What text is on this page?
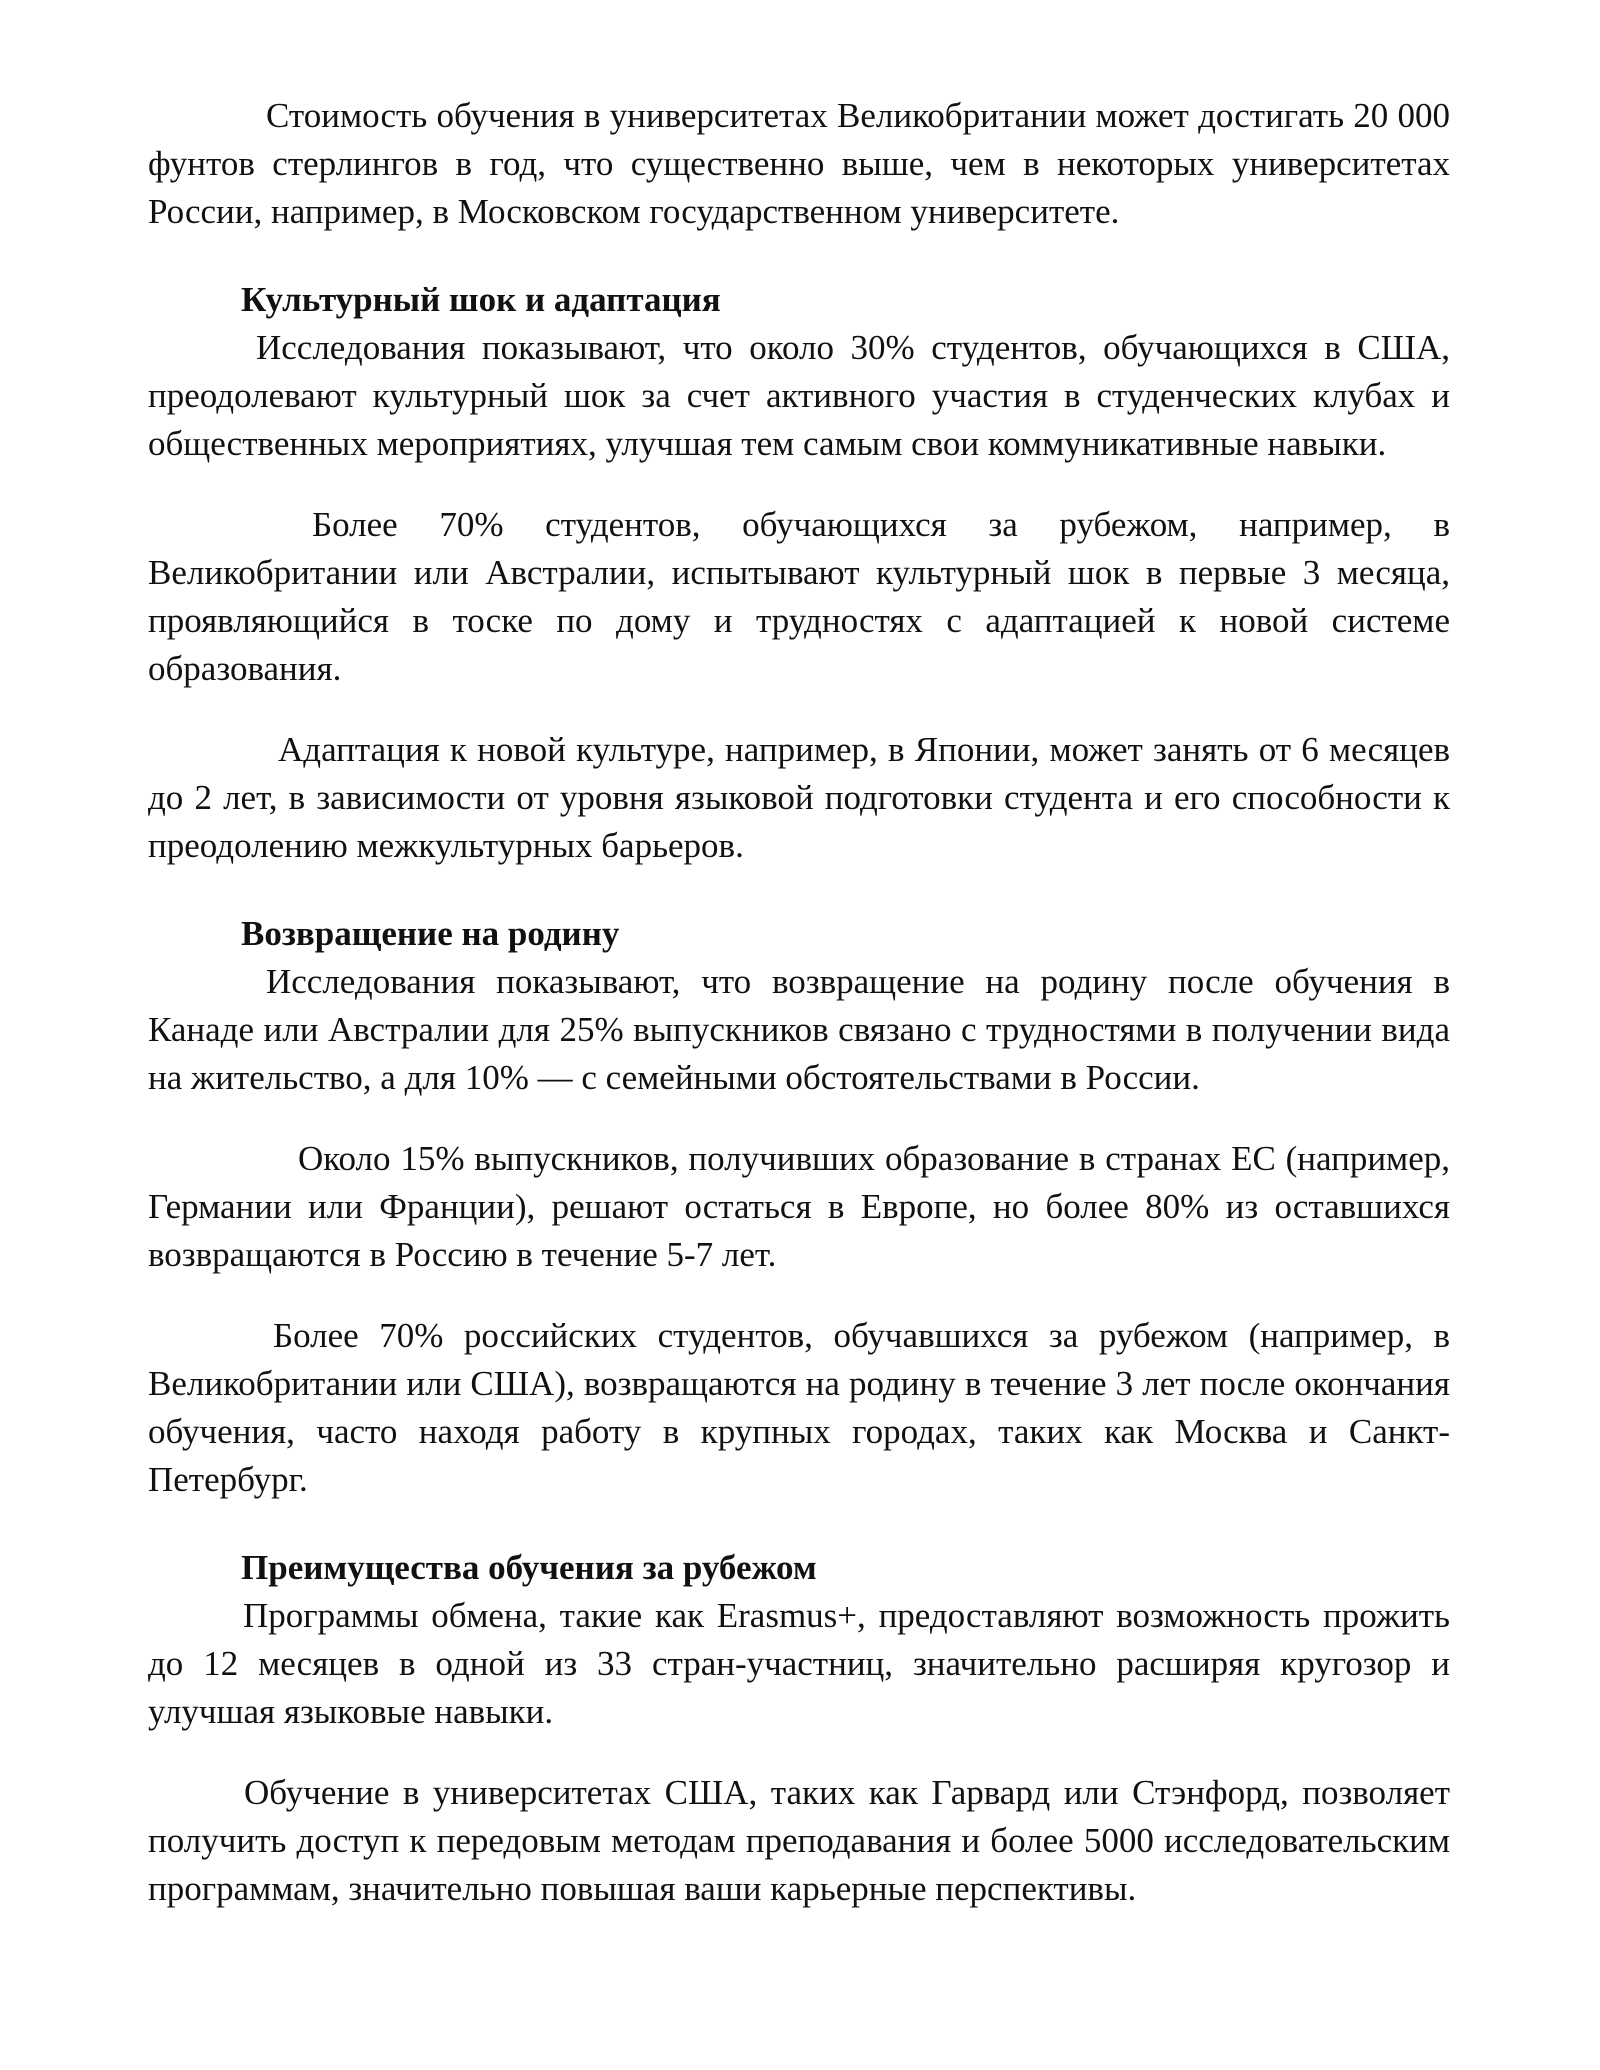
Стоимость обучения в университетах Великобритании может достигать 20 000 фунтов стерлингов в год, что существенно выше, чем в некоторых университетах России, например, в Московском государственном университете.

Культурный шок и адаптация

Исследования показывают, что около 30% студентов, обучающихся в США, преодолевают культурный шок за счет активного участия в студенческих клубах и общественных мероприятиях, улучшая тем самым свои коммуникативные навыки.

Более 70% студентов, обучающихся за рубежом, например, в Великобритании или Австралии, испытывают культурный шок в первые 3 месяца, проявляющийся в тоске по дому и трудностях с адаптацией к новой системе образования.

Адаптация к новой культуре, например, в Японии, может занять от 6 месяцев до 2 лет, в зависимости от уровня языковой подготовки студента и его способности к преодолению межкультурных барьеров.

Возвращение на родину

Исследования показывают, что возвращение на родину после обучения в Канаде или Австралии для 25% выпускников связано с трудностями в получении вида на жительство, а для 10% — с семейными обстоятельствами в России.

Около 15% выпускников, получивших образование в странах ЕС (например, Германии или Франции), решают остаться в Европе, но более 80% из оставшихся возвращаются в Россию в течение 5-7 лет.

Более 70% российских студентов, обучавшихся за рубежом (например, в Великобритании или США), возвращаются на родину в течение 3 лет после окончания обучения, часто находя работу в крупных городах, таких как Москва и Санкт-Петербург.

Преимущества обучения за рубежом

Программы обмена, такие как Erasmus+, предоставляют возможность прожить до 12 месяцев в одной из 33 стран-участниц, значительно расширяя кругозор и улучшая языковые навыки.

Обучение в университетах США, таких как Гарвард или Стэнфорд, позволяет получить доступ к передовым методам преподавания и более 5000 исследовательским программам, значительно повышая ваши карьерные перспективы.
